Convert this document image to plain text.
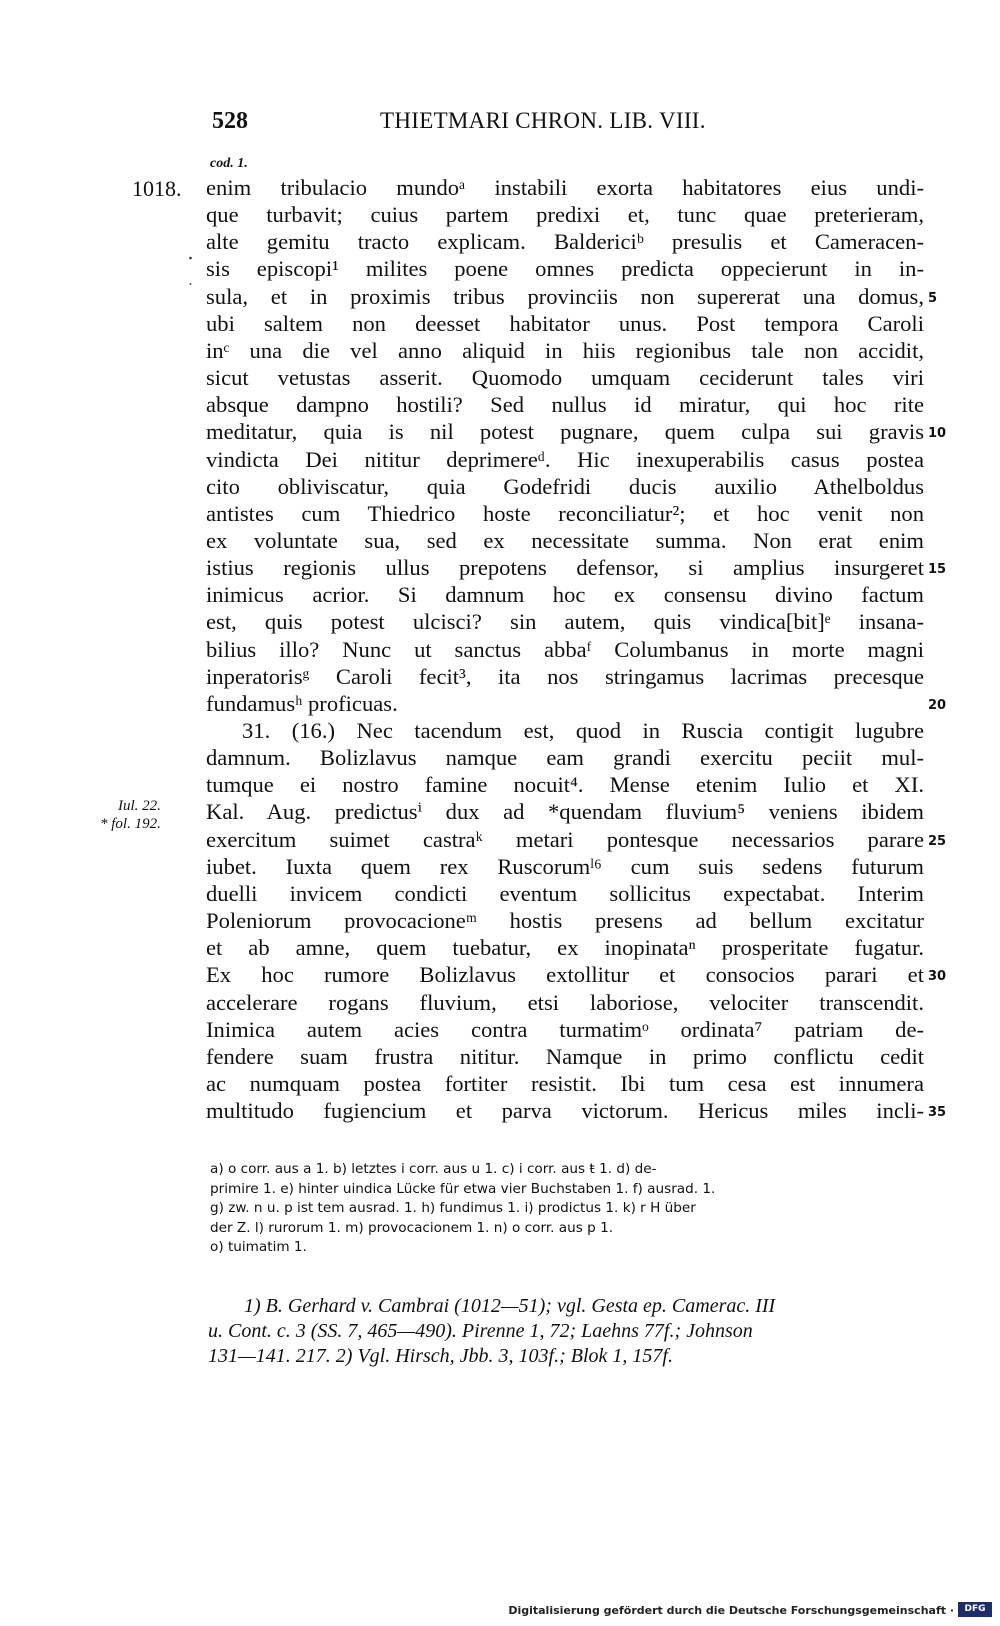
528	THIETMARI CHRON. LIB. VIII.
cod. 1.
1018. enim tribulacio mundoᵃ instabili exorta habitatores eius undi-
que turbavit; cuius partem predixi et, tunc quae preterieram,
alte gemitu tracto explicam. Baldericiᵇ presulis et Cameracen-
sis episcopi¹ milites poene omnes predicta oppecierunt in in-
sula, et in proximis tribus provinciis non supererat una domus,
ubi saltem non deesset habitator unus. Post tempora Caroli
inᶜ una die vel anno aliquid in hiis regionibus tale non accidit,
sicut vetustas asserit. Quomodo umquam ceciderunt tales viri
absque dampno hostili? Sed nullus id miratur, qui hoc rite
meditatur, quia is nil potest pugnare, quem culpa sui gravis
vindicta Dei nititur deprimereᵈ. Hic inexuperabilis casus postea
cito obliviscatur, quia Godefridi ducis auxilio Athelboldus
antistes cum Thiedrico hoste reconciliatur²; et hoc venit non
ex voluntate sua, sed ex necessitate summa. Non erat enim
istius regionis ullus prepotens defensor, si amplius insurgeret
inimicus acrior. Si damnum hoc ex consensu divino factum
est, quis potest ulcisci? sin autem, quis vindica[bit]ᵉ insana-
bilius illo? Nunc ut sanctus abbaᶠ Columbanus in morte magni
inperatorisᵍ Caroli fecit³, ita nos stringamus lacrimas precesque
fundamusʰ proficuas.
31. (16.) Nec tacendum est, quod in Ruscia contigit lugubre
damnum. Bolizlavus namque eam grandi exercitu peciit mul-
tumque ei nostro famine nocuit⁴. Mense etenim Iulio et XI.
Kal. Aug. predictusⁱ dux ad *quendam fluvium⁵ veniens ibidem
exercitum suimet castraᵏ metari pontesque necessarios parare
iubet. Iuxta quem rex Ruscorumˡ⁶ cum suis sedens futurum
duelli invicem condicti eventum sollicitus expectabat. Interim
Poleniorum provocacioneᵐ hostis presens ad bellum excitatur
et ab amne, quem tuebatur, ex inopinataⁿ prosperitate fugatur.
Ex hoc rumore Bolizlavus extollitur et consocios parari et
accelerare rogans fluvium, etsi laboriose, velociter transcendit.
Inimica autem acies contra turmatimᵒ ordinata⁷ patriam de-
fendere suam frustra nititur. Namque in primo conflictu cedit
ac numquam postea fortiter resistit. Ibi tum cesa est innumera
multitudo fugiencium et parva victorum. Hericus miles incli-
Iul. 22.
* fol. 192.
5
10
15
20
25
30
35
a) o corr. aus a 1. b) letztes i corr. aus u 1. c) i corr. aus ŧ 1. d) de-
primire 1. e) hinter uindica Lücke für etwa vier Buchstaben 1. f) ausrad. 1.
g) zw. n u. p ist tem ausrad. 1. h) fundimus 1. i) prodictus 1. k) r H über
der Z. l) rurorum 1. m) provocacionem 1. n) o corr. aus p 1.
o) tuimatim 1.
1) B. Gerhard v. Cambrai (1012—51); vgl. Gesta ep. Camerac. III
u. Cont. c. 3 (SS. 7, 465—490). Pirenne 1, 72; Laehns 77f.; Johnson
131—141. 217. 2) Vgl. Hirsch, Jbb. 3, 103f.; Blok 1, 157f.
Digitalisierung gefördert durch die Deutsche Forschungsgemeinschaft ·	DFG
